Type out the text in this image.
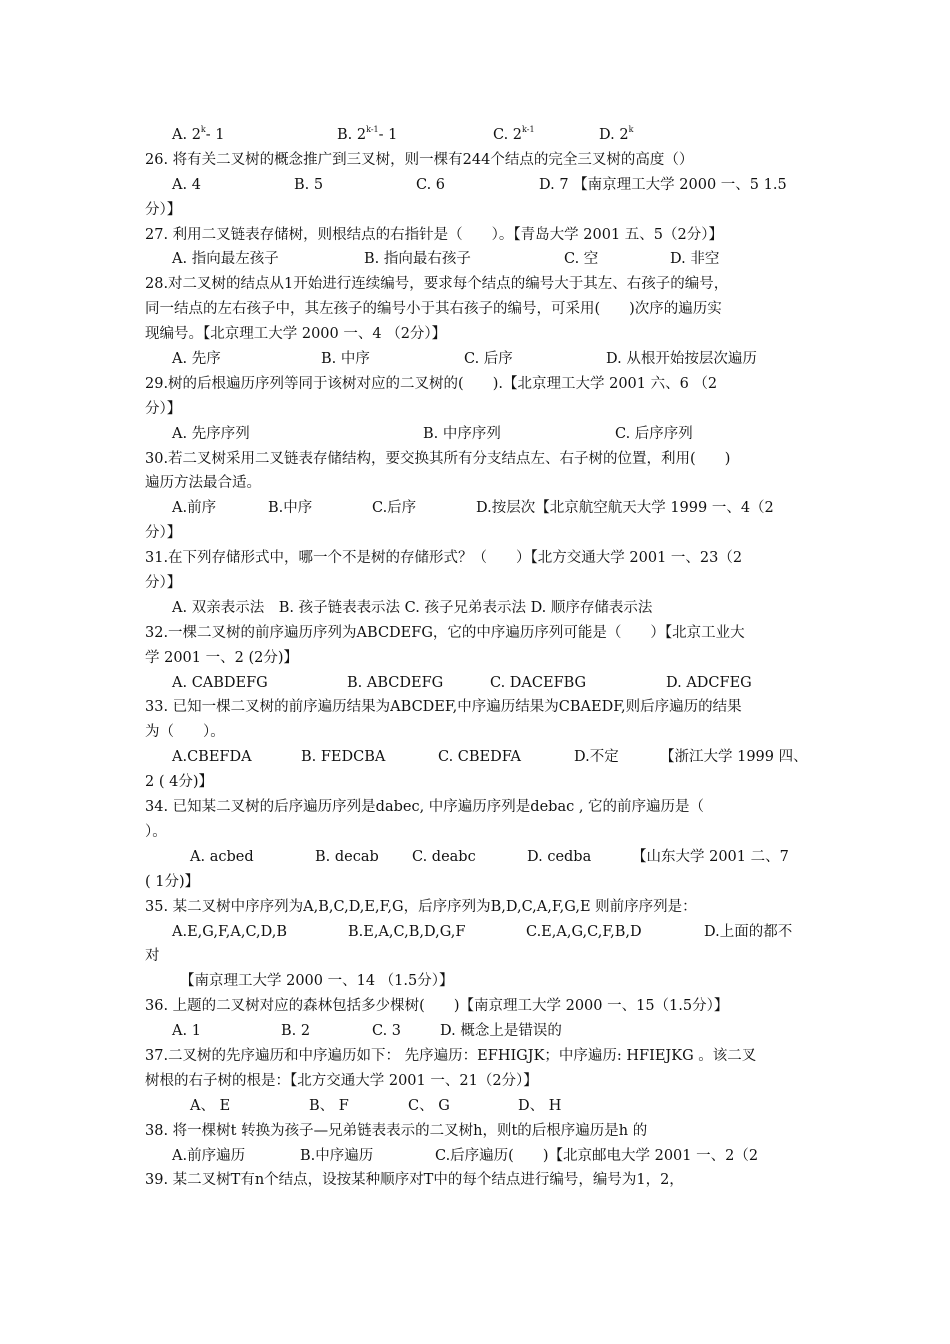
A. 2$^k$- 1	B. 2$^{k-1}$- 1	C. 2$^{k-1}$	D. 2$^k$
26. 将有关二叉树的概念推广到三叉树，则一棵有244个结点的完全三叉树的高度（）
A. 4	B. 5	C. 6	D. 7 【南京理工大学 2000 一、5 1.5
分）】
27. 利用二叉链表存储树，则根结点的右指针是（　　）。【青岛大学 2001 五、5（2分）】
A. 指向最左孩子	B. 指向最右孩子	C. 空	D. 非空
28.对二叉树的结点从1开始进行连续编号，要求每个结点的编号大于其左、右孩子的编号，
同一结点的左右孩子中，其左孩子的编号小于其右孩子的编号，可采用(　　)次序的遍历实
现编号。【北京理工大学 2000 一、4 （2分）】
A. 先序	B. 中序	C. 后序	D. 从根开始按层次遍历
29.树的后根遍历序列等同于该树对应的二叉树的(　　).【北京理工大学 2001 六、6 （2
分）】
A. 先序序列	B. 中序序列	C. 后序序列
30.若二叉树采用二叉链表存储结构，要交换其所有分支结点左、右子树的位置，利用(　　)
遍历方法最合适。
A.前序	B.中序	C.后序	D.按层次【北京航空航天大学 1999 一、4（2
分）】
31.在下列存储形式中，哪一个不是树的存储形式？（　　）【北方交通大学 2001 一、23（2
分）】
A. 双亲表示法　B. 孩子链表表示法 C. 孩子兄弟表示法 D. 顺序存储表示法
32.一棵二叉树的前序遍历序列为ABCDEFG，它的中序遍历序列可能是（　　）【北京工业大
学 2001 一、2 (2分)】
A. CABDEFG	B. ABCDEFG	C. DACEFBG	D. ADCFEG
33. 已知一棵二叉树的前序遍历结果为ABCDEF,中序遍历结果为CBAEDF,则后序遍历的结果
为（　　）。
A.CBEFDA	B. FEDCBA	C. CBEDFA	D.不定	【浙江大学 1999 四、
2 ( 4分)】
34. 已知某二叉树的后序遍历序列是dabec, 中序遍历序列是debac , 它的前序遍历是（
）。
A. acbed	B. decab	C. deabc	D. cedba	【山东大学 2001 二、7
( 1分)】
35. 某二叉树中序序列为A,B,C,D,E,F,G，后序序列为B,D,C,A,F,G,E 则前序序列是：
A.E,G,F,A,C,D,B	B.E,A,C,B,D,G,F	C.E,A,G,C,F,B,D	D.上面的都不
对
【南京理工大学 2000 一、14 （1.5分）】
36. 上题的二叉树对应的森林包括多少棵树(　　)【南京理工大学 2000 一、15（1.5分）】
A. 1	B. 2	C. 3	D. 概念上是错误的
37.二叉树的先序遍历和中序遍历如下： 先序遍历：EFHIGJK；中序遍历: HFIEJKG 。该二叉
树根的右子树的根是：【北方交通大学 2001 一、21（2分）】
A、 E	B、 F	C、 G	D、 H
38. 将一棵树t 转换为孩子—兄弟链表表示的二叉树h，则t的后根序遍历是h 的
A.前序遍历	B.中序遍历	C.后序遍历(　　)【北京邮电大学 2001 一、2（2
39. 某二叉树T有n个结点，设按某种顺序对T中的每个结点进行编号，编号为1，2，
